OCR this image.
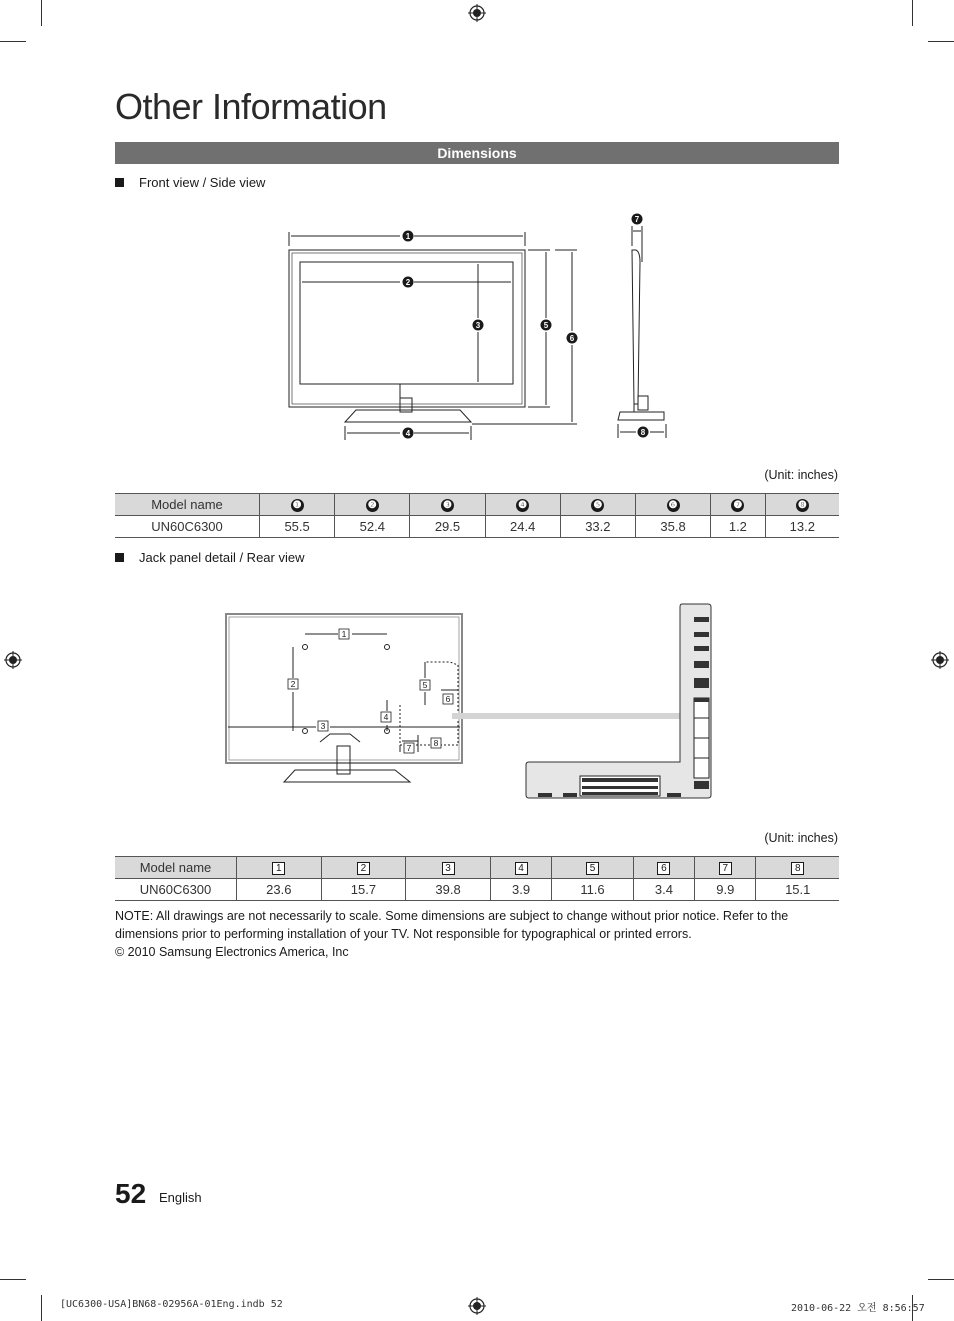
Other Information
Dimensions
Front view / Side view
1
2
3
4
5
6
7
8
(Unit: inches)
Model name	❶	❷	❸	❹	❺	❻	❼	❽
UN60C6300	55.5	52.4	29.5	24.4	33.2	35.8	1.2	13.2
Jack panel detail / Rear view
1
2
3
4
5
6
7	8
(Unit: inches)
Model name	1	2	3	4	5	6	7	8
UN60C6300	23.6	15.7	39.8	3.9	11.6	3.4	9.9	15.1
NOTE: All drawings are not necessarily to scale. Some dimensions are subject to change without prior notice. Refer to the dimensions prior to performing installation of your TV. Not responsible for typographical or printed errors.
© 2010 Samsung Electronics America, Inc
52 English
[UC6300-USA]BN68-02956A-01Eng.indb 52	2010-06-22 오전 8:56:57
